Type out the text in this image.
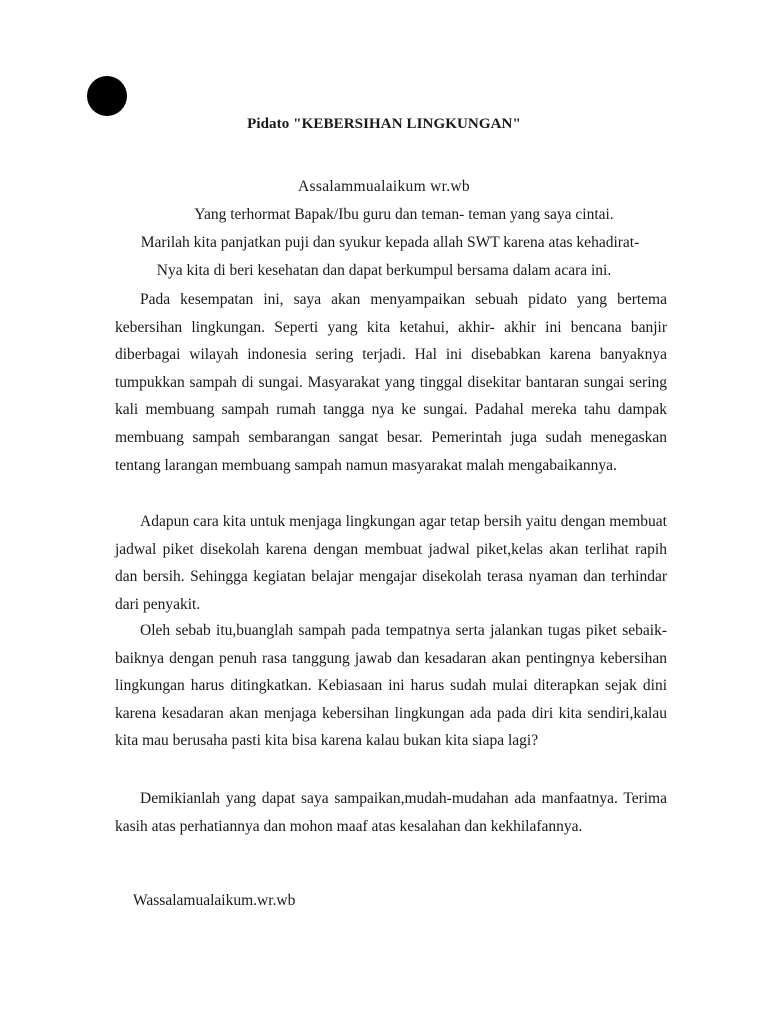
Pidato "KEBERSIHAN LINGKUNGAN"
Assalammualaikum wr.wb
Yang terhormat Bapak/Ibu guru dan teman- teman yang saya cintai.
Marilah kita panjatkan puji dan syukur kepada allah SWT karena atas kehadirat-
Nya kita di beri kesehatan dan dapat berkumpul bersama dalam acara ini.

Pada kesempatan ini, saya akan menyampaikan sebuah pidato yang bertema kebersihan lingkungan. Seperti yang kita ketahui, akhir- akhir ini bencana banjir diberbagai wilayah indonesia sering terjadi. Hal ini disebabkan karena banyaknya tumpukkan sampah di sungai. Masyarakat yang tinggal disekitar bantaran sungai sering kali membuang sampah rumah tangga nya ke sungai. Padahal mereka tahu dampak membuang sampah sembarangan sangat besar. Pemerintah juga sudah menegaskan tentang larangan membuang sampah namun masyarakat malah mengabaikannya.

Adapun cara kita untuk menjaga lingkungan agar tetap bersih yaitu dengan membuat jadwal piket disekolah karena dengan membuat jadwal piket,kelas akan terlihat rapih dan bersih. Sehingga kegiatan belajar mengajar disekolah terasa nyaman dan terhindar dari penyakit.

Oleh sebab itu,buanglah sampah pada tempatnya serta jalankan tugas piket sebaik-baiknya dengan penuh rasa tanggung jawab dan kesadaran akan pentingnya kebersihan lingkungan harus ditingkatkan. Kebiasaan ini harus sudah mulai diterapkan sejak dini karena kesadaran akan menjaga kebersihan lingkungan ada pada diri kita sendiri,kalau kita mau berusaha pasti kita bisa karena kalau bukan kita siapa lagi?

Demikianlah yang dapat saya sampaikan,mudah-mudahan ada manfaatnya. Terima kasih atas perhatiannya dan mohon maaf atas kesalahan dan kekhilafannya.

Wassalamualaikum.wr.wb
